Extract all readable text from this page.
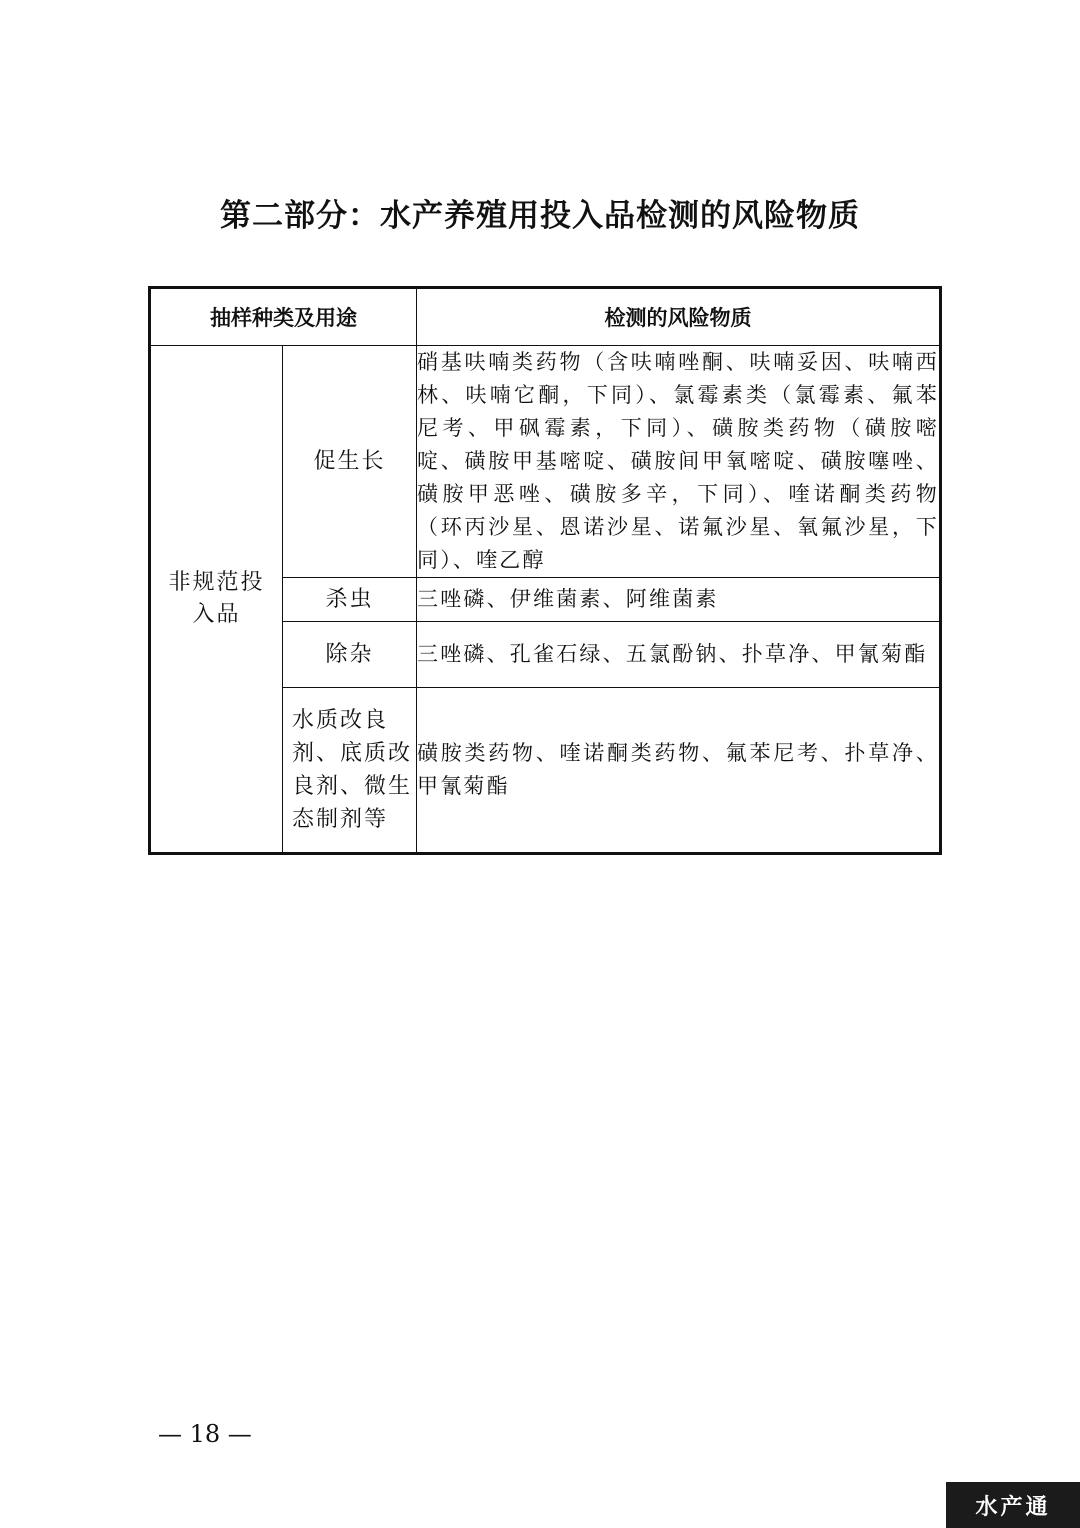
第二部分：水产养殖用投入品检测的风险物质
抽样种类及用途		检测的风险物质

非规范投入品	促生长	硝基呋喃类药物（含呋喃唑酮、呋喃妥因、呋喃西林、呋喃它酮，下同）、氯霉素类（氯霉素、氟苯尼考、甲砜霉素，下同）、磺胺类药物（磺胺嘧啶、磺胺甲基嘧啶、磺胺间甲氧嘧啶、磺胺噻唑、磺胺甲恶唑、磺胺多辛，下同）、喹诺酮类药物（环丙沙星、恩诺沙星、诺氟沙星、氧氟沙星，下同）、喹乙醇
	杀虫	三唑磷、伊维菌素、阿维菌素
	除杂	三唑磷、孔雀石绿、五氯酚钠、扑草净、甲氰菊酯
	水质改良剂、底质改良剂、微生态制剂等	磺胺类药物、喹诺酮类药物、氟苯尼考、扑草净、甲氰菊酯
— 18 —
水产通
